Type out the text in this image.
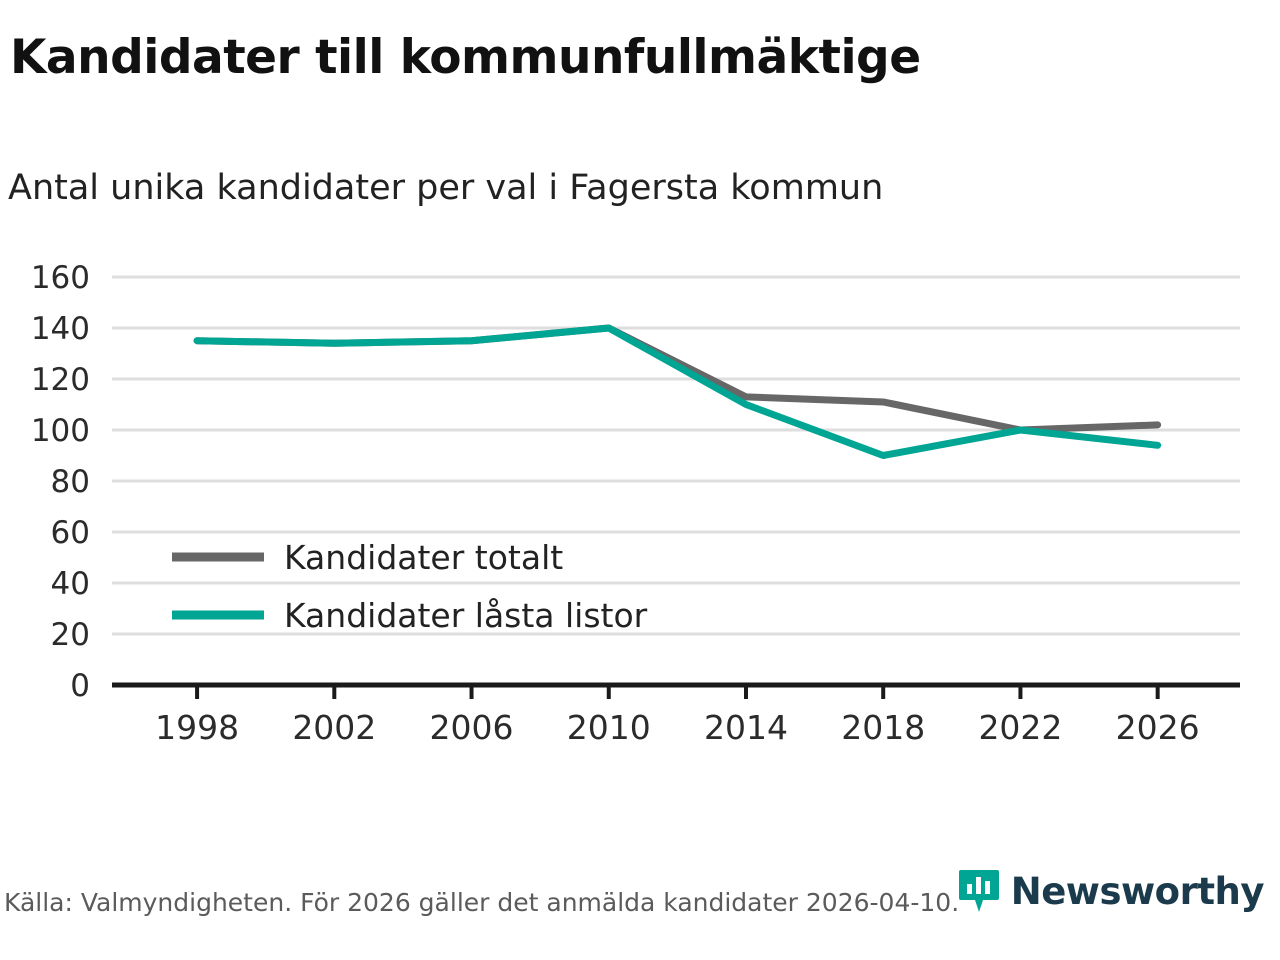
Kandidater till kommunfullmäktige
Antal unika kandidater per val i Fagersta kommun
0
20
40
60
80
100
120
140
160
1998 2002 2006 2010 2014 2018 2022 2026
Kandidater totalt
Kandidater låsta listor
Källa: Valmyndigheten. För 2026 gäller det anmälda kandidater 2026-04-10. Newsworthy
